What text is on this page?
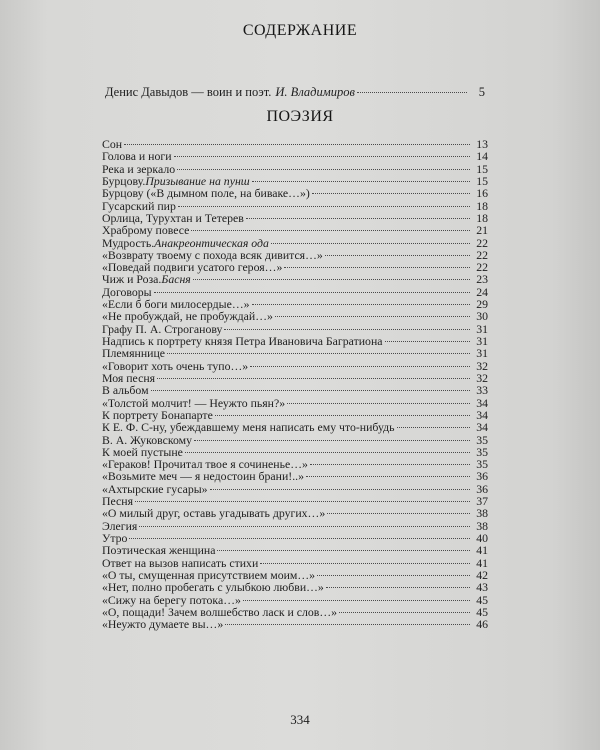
СОДЕРЖАНИЕ
Денис Давыдов — воин и поэт. И. Владимиров	5
ПОЭЗИЯ
Сон	13
Голова и ноги	14
Река и зеркало	15
Бурцову. Призывание на пунш	15
Бурцову («В дымном поле, на биваке…»)	16
Гусарский пир	18
Орлица, Турухтан и Тетерев	18
Храброму повесе	21
Мудрость. Анакреонтическая ода	22
«Возврату твоему с похода всяк дивится…»	22
«Поведай подвиги усатого героя…»	22
Чиж и Роза. Басня	23
Договоры	24
«Если б боги милосердые…»	29
«Не пробуждай, не пробуждай…»	30
Графу П. А. Строганову	31
Надпись к портрету князя Петра Ивановича Багратиона	31
Племяннице	31
«Говорит хоть очень тупо…»	32
Моя песня	32
В альбом	33
«Толстой молчит! — Неужто пьян?»	34
К портрету Бонапарте	34
К Е. Ф. С-ну, убеждавшему меня написать ему что-нибудь	34
В. А. Жуковскому	35
К моей пустыне	35
«Гераков! Прочитал твое я сочиненье…»	35
«Возьмите меч — я недостоин брани!..»	36
«Ахтырские гусары»	36
Песня	37
«О милый друг, оставь угадывать других…»	38
Элегия	38
Утро	40
Поэтическая женщина	41
Ответ на вызов написать стихи	41
«О ты, смущенная присутствием моим…»	42
«Нет, полно пробегать с улыбкою любви…»	43
«Сижу на берегу потока…»	45
«О, пощади! Зачем волшебство ласк и слов…»	45
«Неужто думаете вы…»	46
334
